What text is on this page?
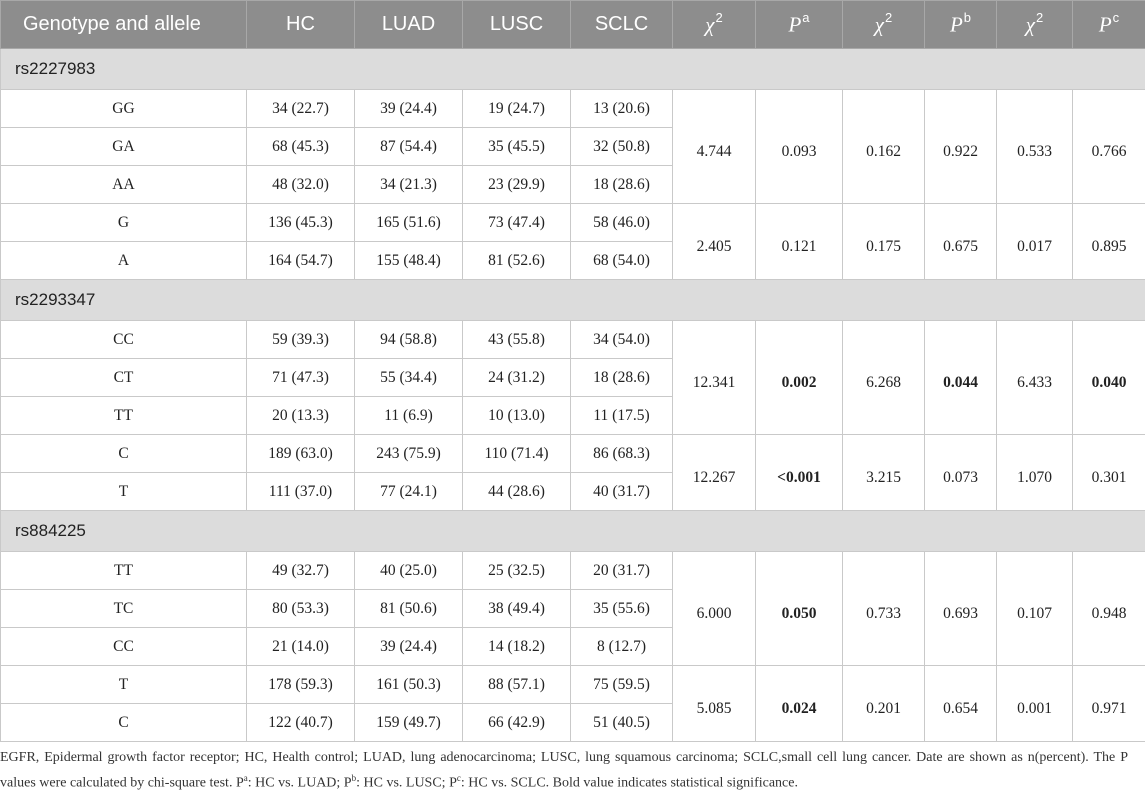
Genotype and allele	HC	LUAD	LUSC	SCLC	$\chi^2$	$P^a$	$\chi^2$	$P^b$	$\chi^2$	$P^c$
rs2227983										
GG	34 (22.7)	39 (24.4)	19 (24.7)	13 (20.6)	4.744	0.093	0.162	0.922	0.533	0.766
GA	68 (45.3)	87 (54.4)	35 (45.5)	32 (50.8)						
AA	48 (32.0)	34 (21.3)	23 (29.9)	18 (28.6)						
G	136 (45.3)	165 (51.6)	73 (47.4)	58 (46.0)	2.405	0.121	0.175	0.675	0.017	0.895
A	164 (54.7)	155 (48.4)	81 (52.6)	68 (54.0)						
rs2293347										
CC	59 (39.3)	94 (58.8)	43 (55.8)	34 (54.0)	12.341	0.002	6.268	0.044	6.433	0.040
CT	71 (47.3)	55 (34.4)	24 (31.2)	18 (28.6)						
TT	20 (13.3)	11 (6.9)	10 (13.0)	11 (17.5)						
C	189 (63.0)	243 (75.9)	110 (71.4)	86 (68.3)	12.267	<0.001	3.215	0.073	1.070	0.301
T	111 (37.0)	77 (24.1)	44 (28.6)	40 (31.7)						
rs884225										
TT	49 (32.7)	40 (25.0)	25 (32.5)	20 (31.7)	6.000	0.050	0.733	0.693	0.107	0.948
TC	80 (53.3)	81 (50.6)	38 (49.4)	35 (55.6)						
CC	21 (14.0)	39 (24.4)	14 (18.2)	8 (12.7)						
T	178 (59.3)	161 (50.3)	88 (57.1)	75 (59.5)	5.085	0.024	0.201	0.654	0.001	0.971
C	122 (40.7)	159 (49.7)	66 (42.9)	51 (40.5)						
EGFR, Epidermal growth factor receptor; HC, Health control; LUAD, lung adenocarcinoma; LUSC, lung squamous carcinoma; SCLC,small cell lung cancer. Date are shown as n(percent). The P values were calculated by chi-square test. $P^a$: HC vs. LUAD; $P^b$: HC vs. LUSC; $P^c$: HC vs. SCLC. Bold value indicates statistical significance.
